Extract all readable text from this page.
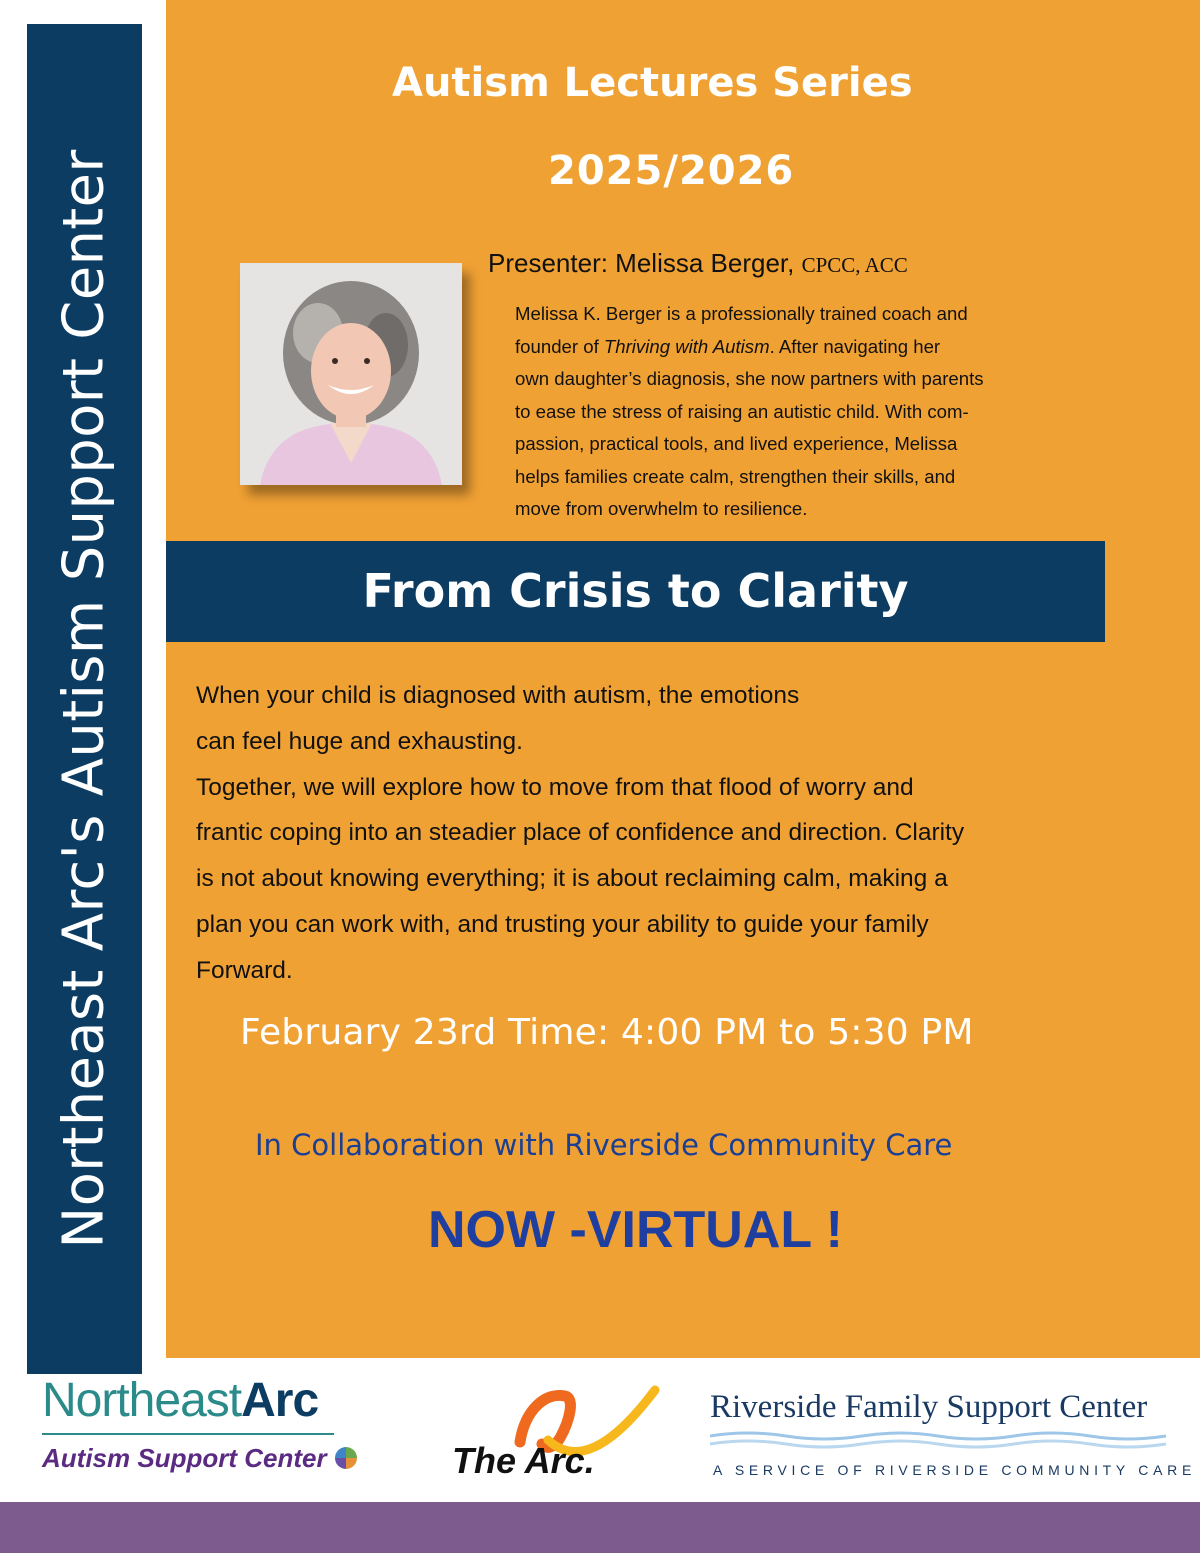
Northeast Arc's Autism Support Center
Autism Lectures Series
2025/2026
Presenter: Melissa Berger, CPCC, ACC

Melissa K. Berger is a professionally trained coach and

founder of Thriving with Autism. After navigating her

own daughter’s diagnosis, she now partners with parents

to ease the stress of raising an autistic child. With com-

passion, practical tools, and lived experience, Melissa

helps families create calm, strengthen their skills, and

move from overwhelm to resilience.

From Crisis to Clarity

When your child is diagnosed with autism, the emotions

can feel huge and exhausting.

Together, we will explore how to move from that flood of worry and

frantic coping into an steadier place of confidence and direction. Clarity

is not about knowing everything; it is about reclaiming calm, making a

plan you can work with, and trusting your ability to guide your family

Forward.

February 23rd Time: 4:00 PM to 5:30 PM
In Collaboration with Riverside Community Care
NOW -VIRTUAL !
NortheastArc
Autism Support Center	The Arc.
Riverside Family Support Center
A SERVICE OF RIVERSIDE COMMUNITY CARE
